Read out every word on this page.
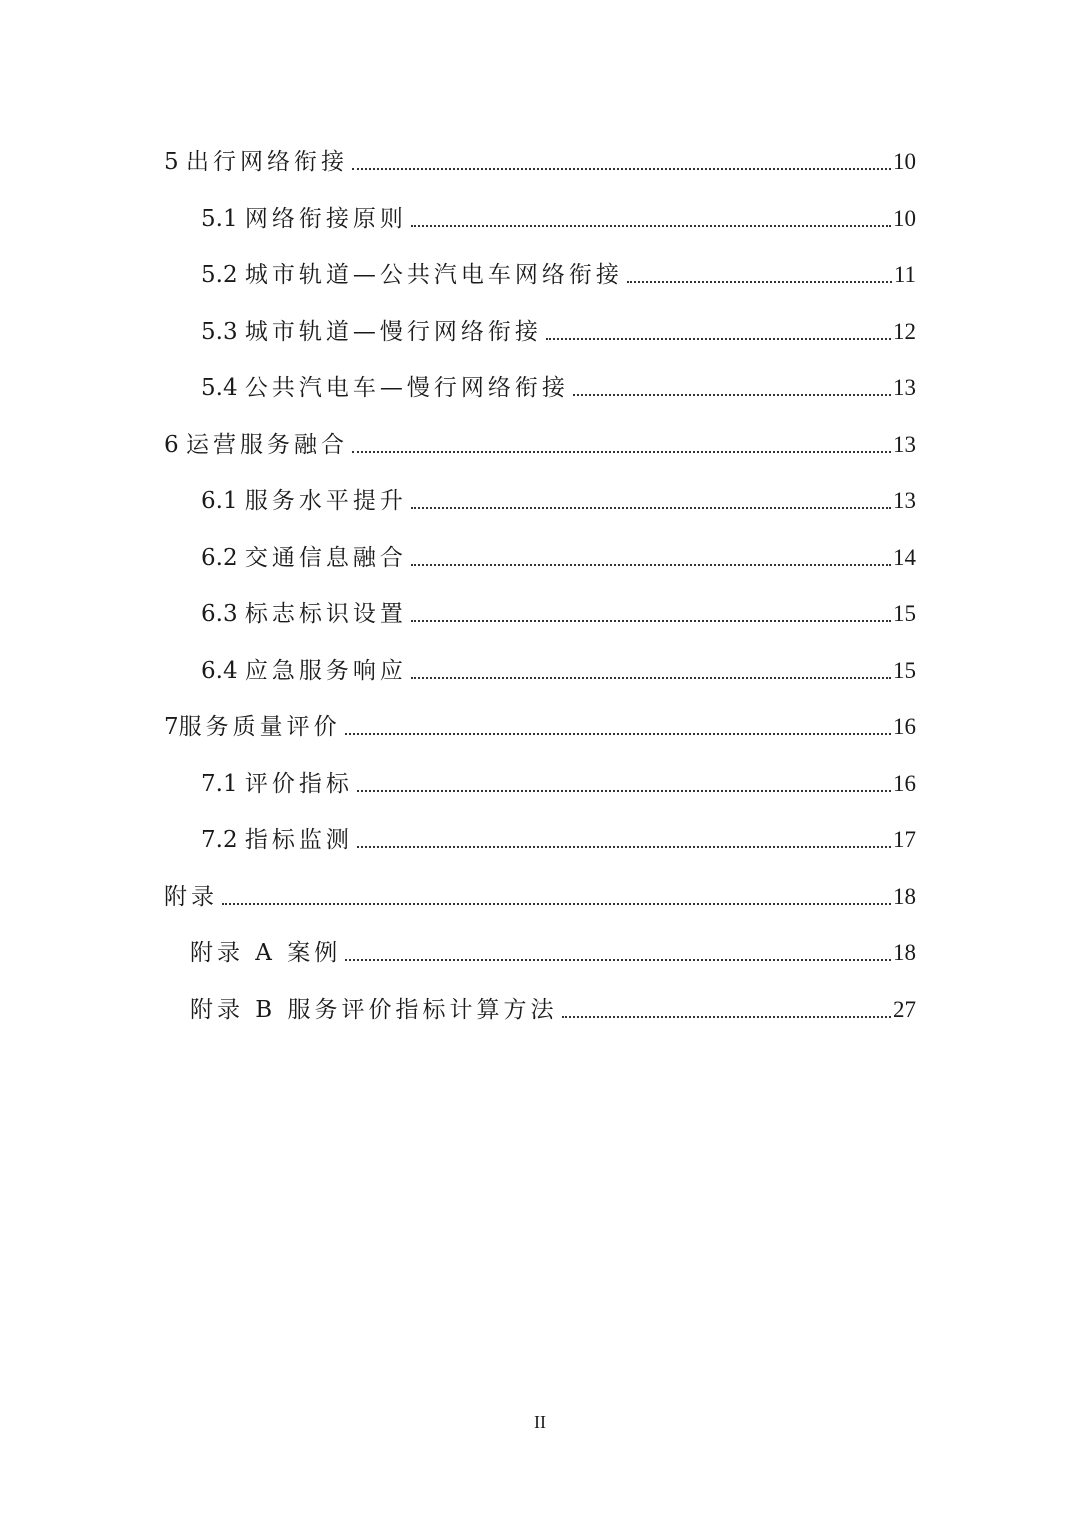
5 出行网络衔接	10
5.1 网络衔接原则	10
5.2 城市轨道—公共汽电车网络衔接	11
5.3 城市轨道—慢行网络衔接	12
5.4 公共汽电车—慢行网络衔接	13
6 运营服务融合	13
6.1 服务水平提升	13
6.2 交通信息融合	14
6.3 标志标识设置	15
6.4 应急服务响应	15
7 服务质量评价	16
7.1 评价指标	16
7.2 指标监测	17
附录	18
附录 A 案例	18
附录 B 服务评价指标计算方法	27
II
